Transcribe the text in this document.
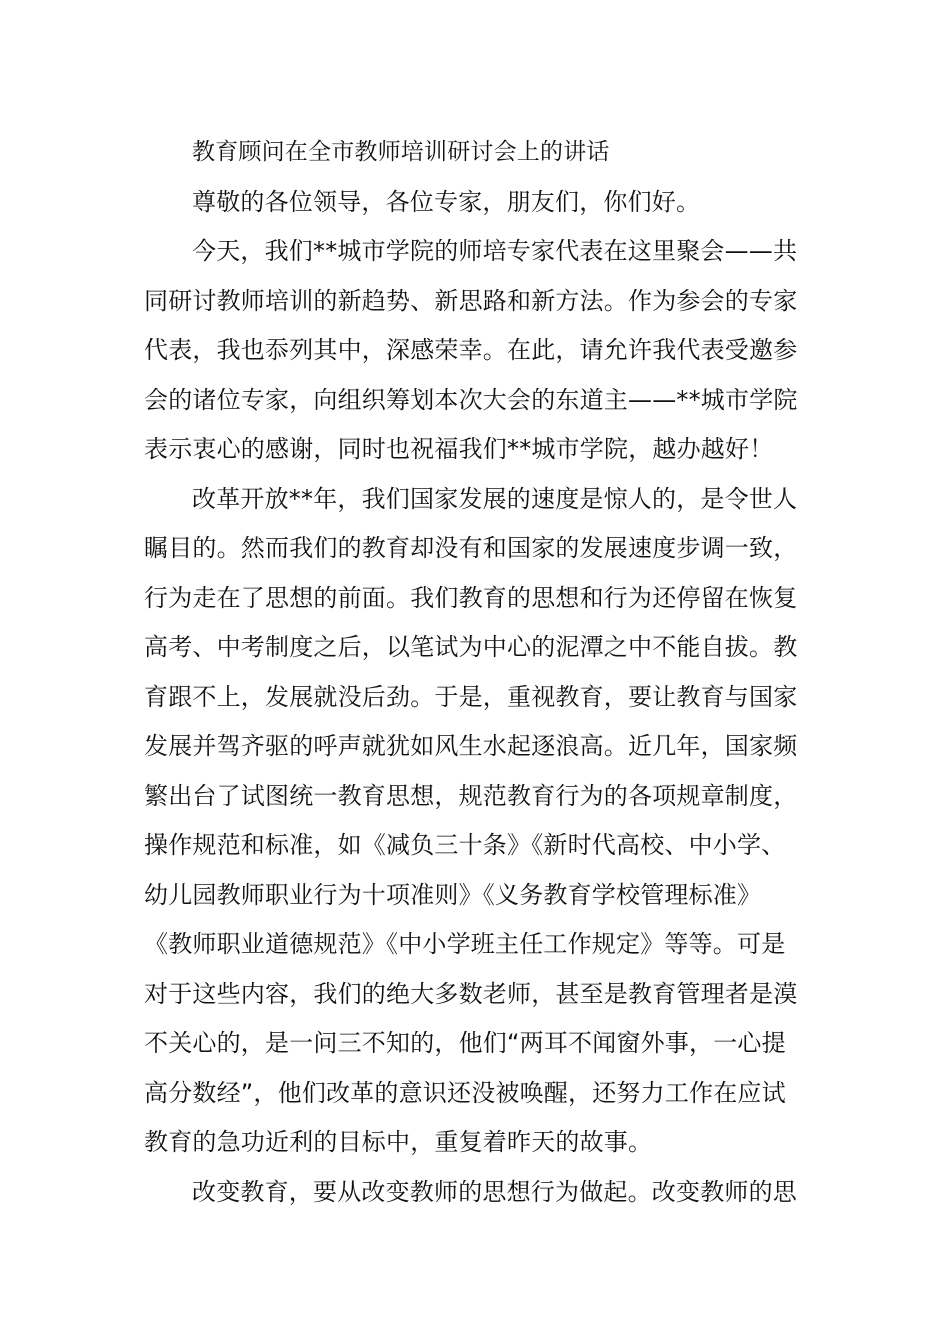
教育顾问在全市教师培训研讨会上的讲话
尊敬的各位领导，各位专家，朋友们，你们好。
今天，我们**城市学院的师培专家代表在这里聚会——共
同研讨教师培训的新趋势、新思路和新方法。作为参会的专家
代表，我也忝列其中，深感荣幸。在此，请允许我代表受邀参
会的诸位专家，向组织筹划本次大会的东道主——**城市学院
表示衷心的感谢，同时也祝福我们**城市学院，越办越好！
改革开放**年，我们国家发展的速度是惊人的，是令世人
瞩目的。然而我们的教育却没有和国家的发展速度步调一致，
行为走在了思想的前面。我们教育的思想和行为还停留在恢复
高考、中考制度之后，以笔试为中心的泥潭之中不能自拔。教
育跟不上，发展就没后劲。于是，重视教育，要让教育与国家
发展并驾齐驱的呼声就犹如风生水起逐浪高。近几年，国家频
繁出台了试图统一教育思想，规范教育行为的各项规章制度，
操作规范和标准，如《减负三十条》《新时代高校、中小学、
幼儿园教师职业行为十项准则》《义务教育学校管理标准》
《教师职业道德规范》《中小学班主任工作规定》等等。可是
对于这些内容，我们的绝大多数老师，甚至是教育管理者是漠
不关心的，是一问三不知的，他们“两耳不闻窗外事，一心提
高分数经”，他们改革的意识还没被唤醒，还努力工作在应试
教育的急功近利的目标中，重复着昨天的故事。
改变教育，要从改变教师的思想行为做起。改变教师的思
